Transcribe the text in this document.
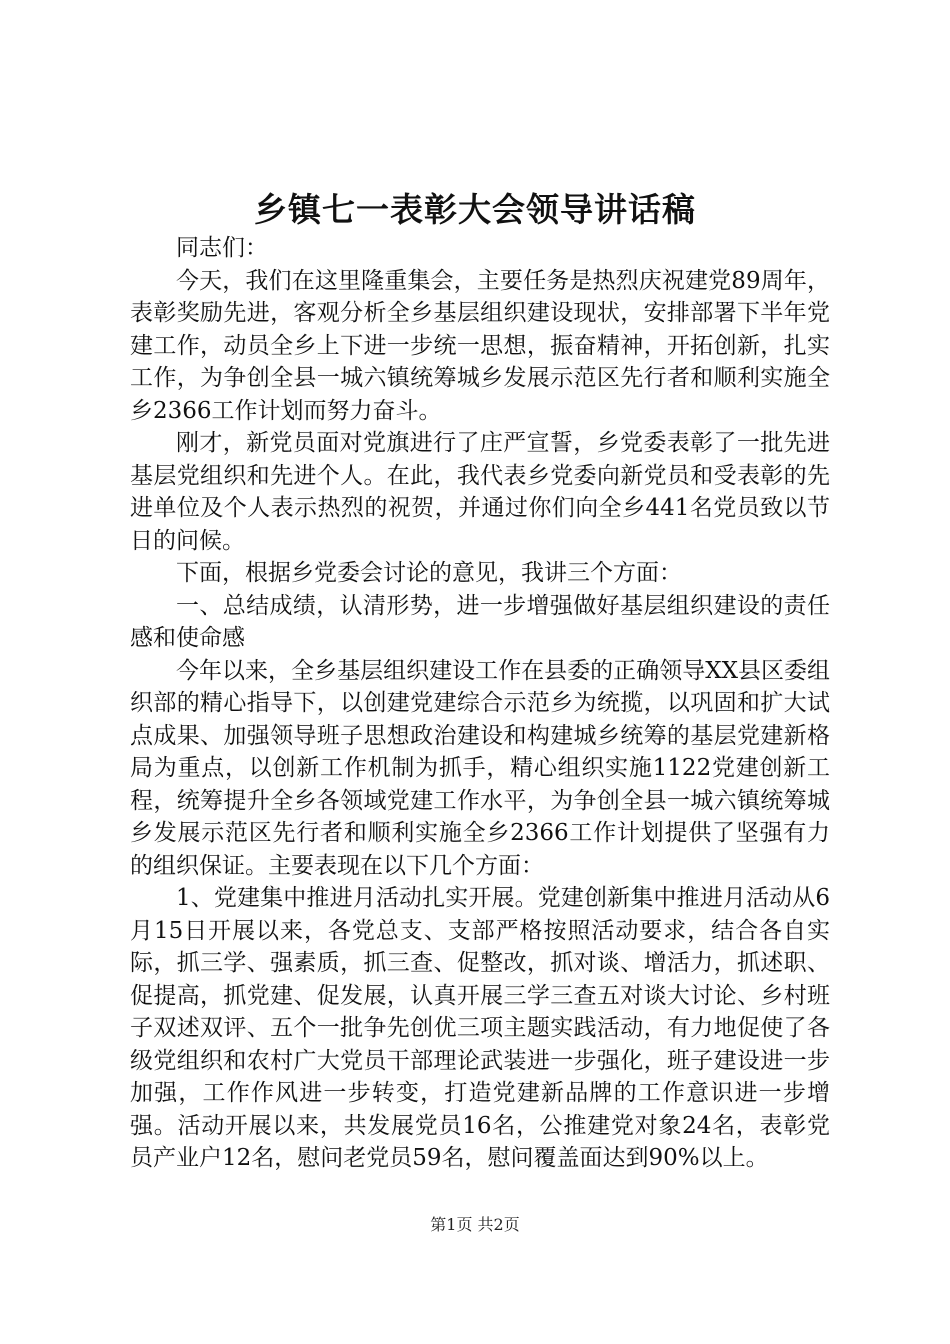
乡镇七一表彰大会领导讲话稿

同志们：

今天，我们在这里隆重集会，主要任务是热烈庆祝建党89周年，表彰奖励先进，客观分析全乡基层组织建设现状，安排部署下半年党建工作，动员全乡上下进一步统一思想，振奋精神，开拓创新，扎实工作，为争创全县一城六镇统筹城乡发展示范区先行者和顺利实施全乡2366工作计划而努力奋斗。

刚才，新党员面对党旗进行了庄严宣誓，乡党委表彰了一批先进基层党组织和先进个人。在此，我代表乡党委向新党员和受表彰的先进单位及个人表示热烈的祝贺，并通过你们向全乡441名党员致以节日的问候。

下面，根据乡党委会讨论的意见，我讲三个方面：

一、总结成绩，认清形势，进一步增强做好基层组织建设的责任感和使命感

今年以来，全乡基层组织建设工作在县委的正确领导XX县区委组织部的精心指导下，以创建党建综合示范乡为统揽，以巩固和扩大试点成果、加强领导班子思想政治建设和构建城乡统筹的基层党建新格局为重点，以创新工作机制为抓手，精心组织实施1122党建创新工程，统筹提升全乡各领域党建工作水平，为争创全县一城六镇统筹城乡发展示范区先行者和顺利实施全乡2366工作计划提供了坚强有力的组织保证。主要表现在以下几个方面：

1、党建集中推进月活动扎实开展。党建创新集中推进月活动从6月15日开展以来，各党总支、支部严格按照活动要求，结合各自实际，抓三学、强素质，抓三查、促整改，抓对谈、增活力，抓述职、促提高，抓党建、促发展，认真开展三学三查五对谈大讨论、乡村班子双述双评、五个一批争先创优三项主题实践活动，有力地促使了各级党组织和农村广大党员干部理论武装进一步强化，班子建设进一步加强，工作作风进一步转变，打造党建新品牌的工作意识进一步增强。活动开展以来，共发展党员16名，公推建党对象24名，表彰党员产业户12名，慰问老党员59名，慰问覆盖面达到90%以上。

第1页 共2页
